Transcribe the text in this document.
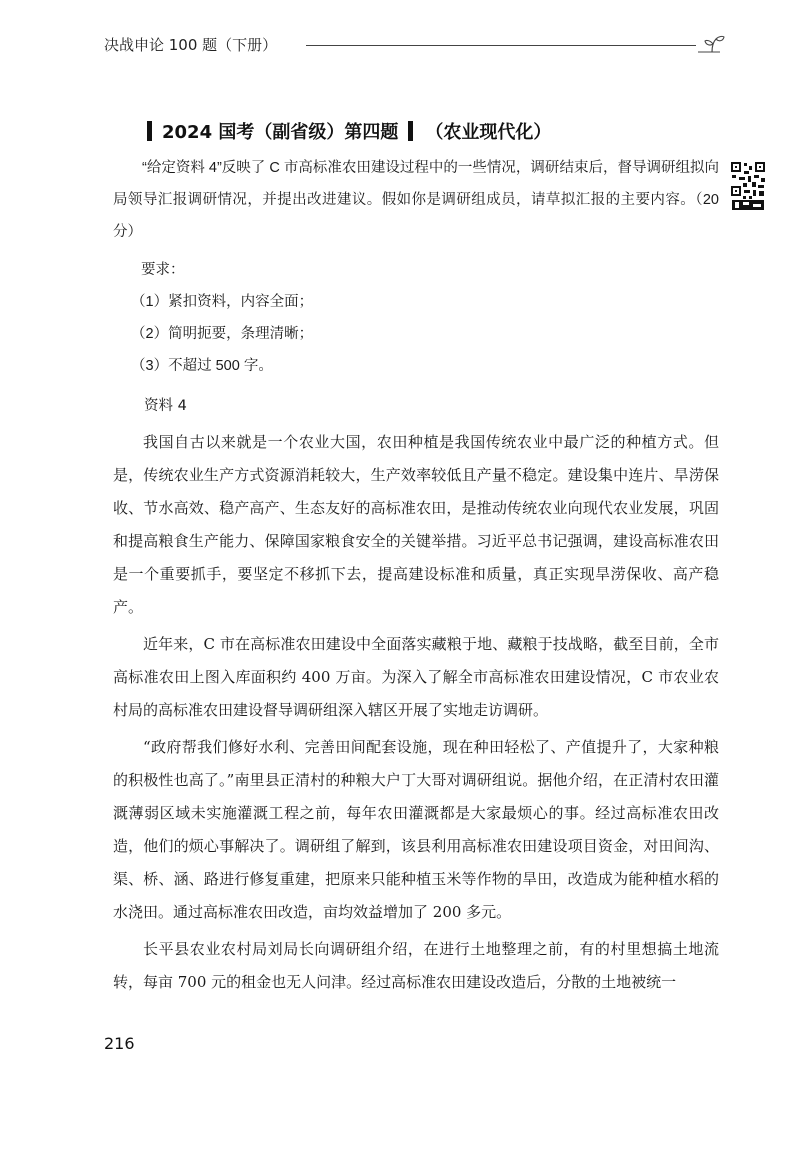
决战申论 100 题（下册）
2024 国考（副省级）第四题 （农业现代化）

“给定资料 4”反映了 C 市高标准农田建设过程中的一些情况，调研结束后，督导调研组拟向局领导汇报调研情况，并提出改进建议。假如你是调研组成员，请草拟汇报的主要内容。（20 分）

要求：

（1）紧扣资料，内容全面；

（2）简明扼要，条理清晰；

（3）不超过 500 字。

资料 4

我国自古以来就是一个农业大国，农田种植是我国传统农业中最广泛的种植方式。但是，传统农业生产方式资源消耗较大，生产效率较低且产量不稳定。建设集中连片、旱涝保收、节水高效、稳产高产、生态友好的高标准农田，是推动传统农业向现代农业发展，巩固和提高粮食生产能力、保障国家粮食安全的关键举措。习近平总书记强调，建设高标准农田是一个重要抓手，要坚定不移抓下去，提高建设标准和质量，真正实现旱涝保收、高产稳产。

近年来，C 市在高标准农田建设中全面落实藏粮于地、藏粮于技战略，截至目前，全市高标准农田上图入库面积约 400 万亩。为深入了解全市高标准农田建设情况，C 市农业农村局的高标准农田建设督导调研组深入辖区开展了实地走访调研。

“政府帮我们修好水利、完善田间配套设施，现在种田轻松了、产值提升了，大家种粮的积极性也高了。”南里县正清村的种粮大户丁大哥对调研组说。据他介绍，在正清村农田灌溉薄弱区域未实施灌溉工程之前，每年农田灌溉都是大家最烦心的事。经过高标准农田改造，他们的烦心事解决了。调研组了解到，该县利用高标准农田建设项目资金，对田间沟、渠、桥、涵、路进行修复重建，把原来只能种植玉米等作物的旱田，改造成为能种植水稻的水浇田。通过高标准农田改造，亩均效益增加了 200 多元。

长平县农业农村局刘局长向调研组介绍，在进行土地整理之前，有的村里想搞土地流转，每亩 700 元的租金也无人问津。经过高标准农田建设改造后，分散的土地被统一

216
